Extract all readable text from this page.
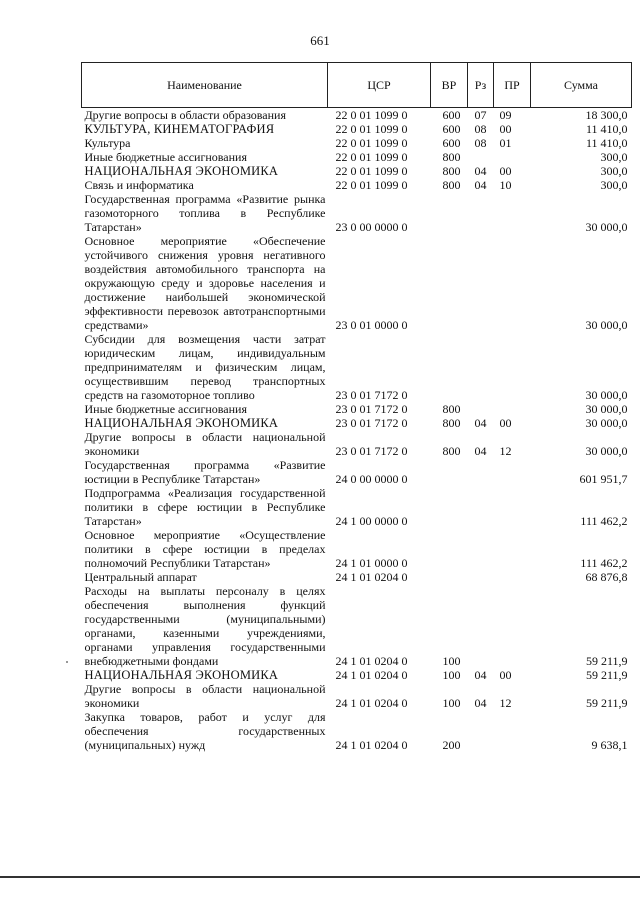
661
Наименование	ЦСР	ВР	Рз	ПР	Сумма
Другие вопросы в области образования	22 0 01 1099 0	600	07	09	18 300,0
КУЛЬТУРА, КИНЕМАТОГРАФИЯ	22 0 01 1099 0	600	08	00	11 410,0
Культура	22 0 01 1099 0	600	08	01	11 410,0
Иные бюджетные ассигнования	22 0 01 1099 0	800			300,0
НАЦИОНАЛЬНАЯ ЭКОНОМИКА	22 0 01 1099 0	800	04	00	300,0
Связь и информатика	22 0 01 1099 0	800	04	10	300,0
Государственная программа «Развитие рынка газомоторного топлива в Республике Татарстан»	23 0 00 0000 0				30 000,0
Основное мероприятие «Обеспечение устойчивого снижения уровня негативного воздействия автомобильного транспорта на окружающую среду и здоровье населения и достижение наибольшей экономической эффективности перевозок автотранспортными средствами»	23 0 01 0000 0				30 000,0
Субсидии для возмещения части затрат юридическим лицам, индивидуальным предпринимателям и физическим лицам, осуществившим перевод транспортных средств на газомоторное топливо	23 0 01 7172 0				30 000,0
Иные бюджетные ассигнования	23 0 01 7172 0	800			30 000,0
НАЦИОНАЛЬНАЯ ЭКОНОМИКА	23 0 01 7172 0	800	04	00	30 000,0
Другие вопросы в области национальной экономики	23 0 01 7172 0	800	04	12	30 000,0
Государственная программа «Развитие юстиции в Республике Татарстан»	24 0 00 0000 0				601 951,7
Подпрограмма «Реализация государственной политики в сфере юстиции в Республике Татарстан»	24 1 00 0000 0				111 462,2
Основное мероприятие «Осуществление политики в сфере юстиции в пределах полномочий Республики Татарстан»	24 1 01 0000 0				111 462,2
Центральный аппарат	24 1 01 0204 0				68 876,8
Расходы на выплаты персоналу в целях обеспечения выполнения функций государственными (муниципальными) органами, казенными учреждениями, органами управления государственными внебюджетными фондами	24 1 01 0204 0	100			59 211,9
НАЦИОНАЛЬНАЯ ЭКОНОМИКА	24 1 01 0204 0	100	04	00	59 211,9
Другие вопросы в области национальной экономики	24 1 01 0204 0	100	04	12	59 211,9
Закупка товаров, работ и услуг для обеспечения государственных (муниципальных) нужд	24 1 01 0204 0	200			9 638,1
